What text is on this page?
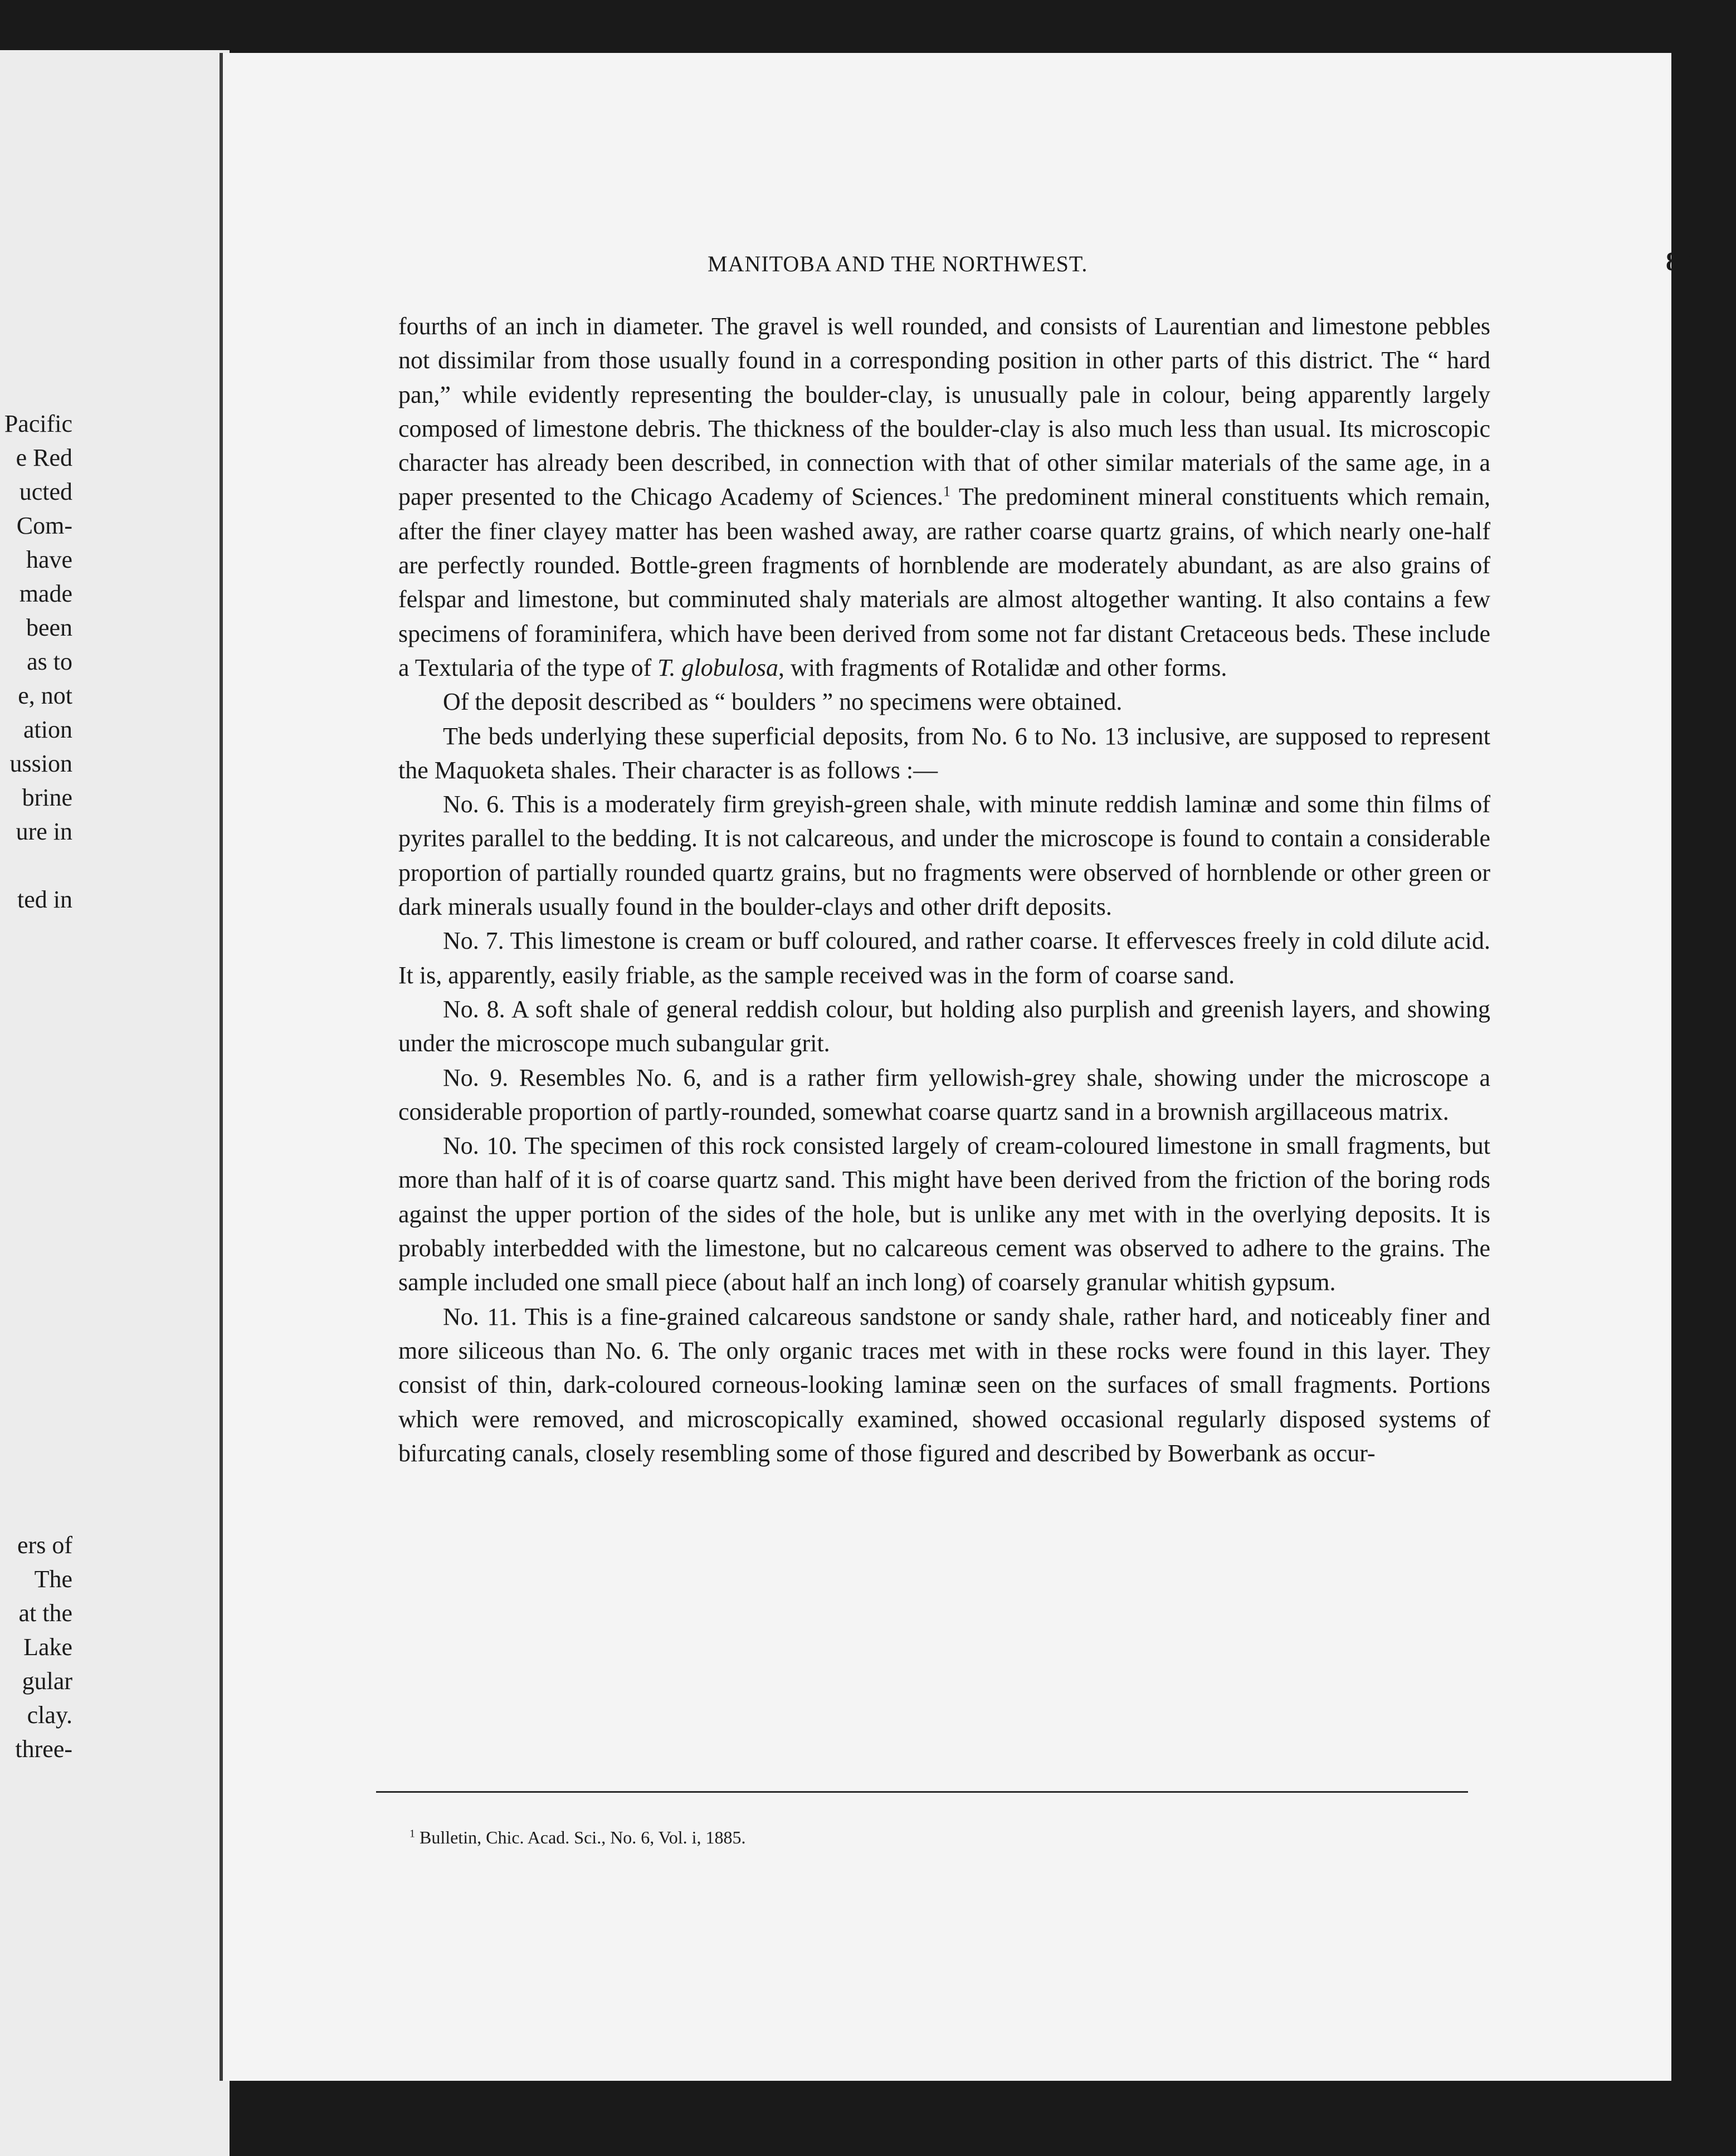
Pacific
e Red
ucted
Com-
have
made
been
as to
e, not
ation
ussion
brine
ure in
ted in
ers of
The
at the
Lake
gular
clay.
three-
MANITOBA AND THE NORTHWEST.	87

fourths of an inch in diameter. The gravel is well rounded, and consists of Laurentian and limestone pebbles not dissimilar from those usually found in a corresponding position in other parts of this district. The “ hard pan,” while evidently representing the boulder-clay, is unusually pale in colour, being apparently largely composed of limestone debris. The thickness of the boulder-clay is also much less than usual. Its microscopic character has already been described, in connection with that of other similar materials of the same age, in a paper presented to the Chicago Academy of Sciences.$^1$ The predominent mineral constituents which remain, after the finer clayey matter has been washed away, are rather coarse quartz grains, of which nearly one-half are perfectly rounded. Bottle-green fragments of hornblende are moderately abundant, as are also grains of felspar and limestone, but comminuted shaly materials are almost altogether wanting. It also contains a few specimens of foraminifera, which have been derived from some not far distant Cretaceous beds. These include a Textularia of the type of T. globulosa, with fragments of Rotalidæ and other forms.

Of the deposit described as “ boulders ” no specimens were obtained.

The beds underlying these superficial deposits, from No. 6 to No. 13 inclusive, are supposed to represent the Maquoketa shales. Their character is as follows :—

No. 6. This is a moderately firm greyish-green shale, with minute reddish laminæ and some thin films of pyrites parallel to the bedding. It is not calcareous, and under the microscope is found to contain a considerable proportion of partially rounded quartz grains, but no fragments were observed of hornblende or other green or dark minerals usually found in the boulder-clays and other drift deposits.

No. 7. This limestone is cream or buff coloured, and rather coarse. It effervesces freely in cold dilute acid. It is, apparently, easily friable, as the sample received was in the form of coarse sand.

No. 8. A soft shale of general reddish colour, but holding also purplish and greenish layers, and showing under the microscope much subangular grit.

No. 9. Resembles No. 6, and is a rather firm yellowish-grey shale, showing under the microscope a considerable proportion of partly-rounded, somewhat coarse quartz sand in a brownish argillaceous matrix.

No. 10. The specimen of this rock consisted largely of cream-coloured limestone in small fragments, but more than half of it is of coarse quartz sand. This might have been derived from the friction of the boring rods against the upper portion of the sides of the hole, but is unlike any met with in the overlying deposits. It is probably interbedded with the limestone, but no calcareous cement was observed to adhere to the grains. The sample included one small piece (about half an inch long) of coarsely granular whitish gypsum.

No. 11. This is a fine-grained calcareous sandstone or sandy shale, rather hard, and noticeably finer and more siliceous than No. 6. The only organic traces met with in these rocks were found in this layer. They consist of thin, dark-coloured corneous-looking laminæ seen on the surfaces of small fragments. Portions which were removed, and microscopically examined, showed occasional regularly disposed systems of bifurcating canals, closely resembling some of those figured and described by Bowerbank as occur-

$^1$ Bulletin, Chic. Acad. Sci., No. 6, Vol. i, 1885.
